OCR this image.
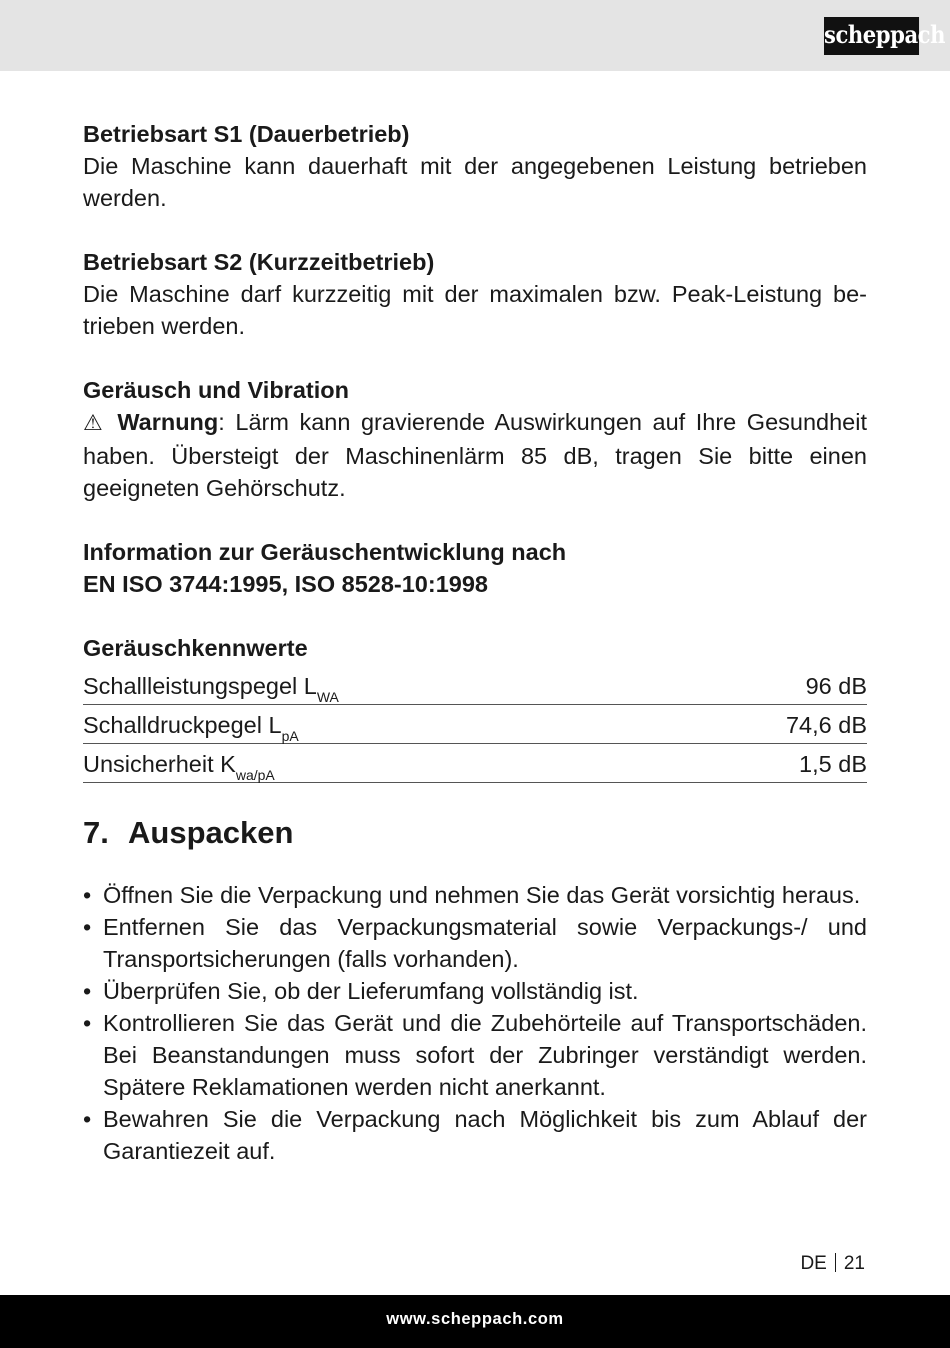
scheppach

Betriebsart S1 (Dauerbetrieb)

Die Maschine kann dauerhaft mit der angegebenen Leistung betrieben werden.

Betriebsart S2 (Kurzzeitbetrieb)

Die Maschine darf kurzzeitig mit der maximalen bzw. Peak-Leistung betrieben werden.

Geräusch und Vibration

⚠ Warnung: Lärm kann gravierende Auswirkungen auf Ihre Gesundheit haben. Übersteigt der Maschinenlärm 85 dB, tragen Sie bitte einen geeigneten Gehörschutz.

Information zur Geräuschentwicklung nach

EN ISO 3744:1995, ISO 8528-10:1998

Geräuschkennwerte

Schallleistungspegel $L_{WA}$	96 dB
Schalldruckpegel $L_{pA}$	74,6 dB
Unsicherheit $K_{wa/pA}$	1,5 dB
7. Auspacken
• Öffnen Sie die Verpackung und nehmen Sie das Gerät vorsichtig heraus.
• Entfernen Sie das Verpackungsmaterial sowie Verpackungs-/ und Transportsicherungen (falls vorhanden).
• Überprüfen Sie, ob der Lieferumfang vollständig ist.
• Kontrollieren Sie das Gerät und die Zubehörteile auf Transportschäden. Bei Beanstandungen muss sofort der Zubringer verständigt werden. Spätere Reklamationen werden nicht anerkannt.
• Bewahren Sie die Verpackung nach Möglichkeit bis zum Ablauf der Garantiezeit auf.
DE 21
www.scheppach.com
